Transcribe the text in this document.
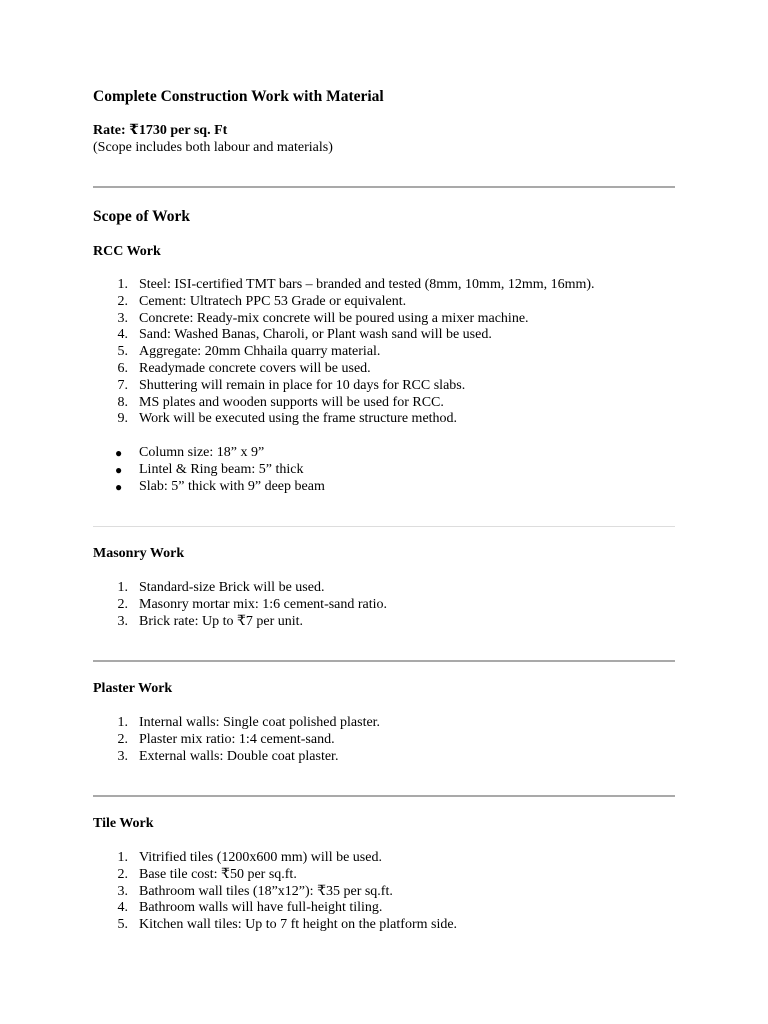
Complete Construction Work with Material
Rate: ₹1730 per sq. Ft
(Scope includes both labour and materials)
Scope of Work
RCC Work
1. Steel: ISI-certified TMT bars – branded and tested (8mm, 10mm, 12mm, 16mm).
2. Cement: Ultratech PPC 53 Grade or equivalent.
3. Concrete: Ready-mix concrete will be poured using a mixer machine.
4. Sand: Washed Banas, Charoli, or Plant wash sand will be used.
5. Aggregate: 20mm Chhaila quarry material.
6. Readymade concrete covers will be used.
7. Shuttering will remain in place for 10 days for RCC slabs.
8. MS plates and wooden supports will be used for RCC.
9. Work will be executed using the frame structure method.
● Column size: 18” x 9”
● Lintel & Ring beam: 5” thick
● Slab: 5” thick with 9” deep beam
Masonry Work
1. Standard-size Brick will be used.
2. Masonry mortar mix: 1:6 cement-sand ratio.
3. Brick rate: Up to ₹7 per unit.
Plaster Work
1. Internal walls: Single coat polished plaster.
2. Plaster mix ratio: 1:4 cement-sand.
3. External walls: Double coat plaster.
Tile Work
1. Vitrified tiles (1200x600 mm) will be used.
2. Base tile cost: ₹50 per sq.ft.
3. Bathroom wall tiles (18”x12”): ₹35 per sq.ft.
4. Bathroom walls will have full-height tiling.
5. Kitchen wall tiles: Up to 7 ft height on the platform side.
